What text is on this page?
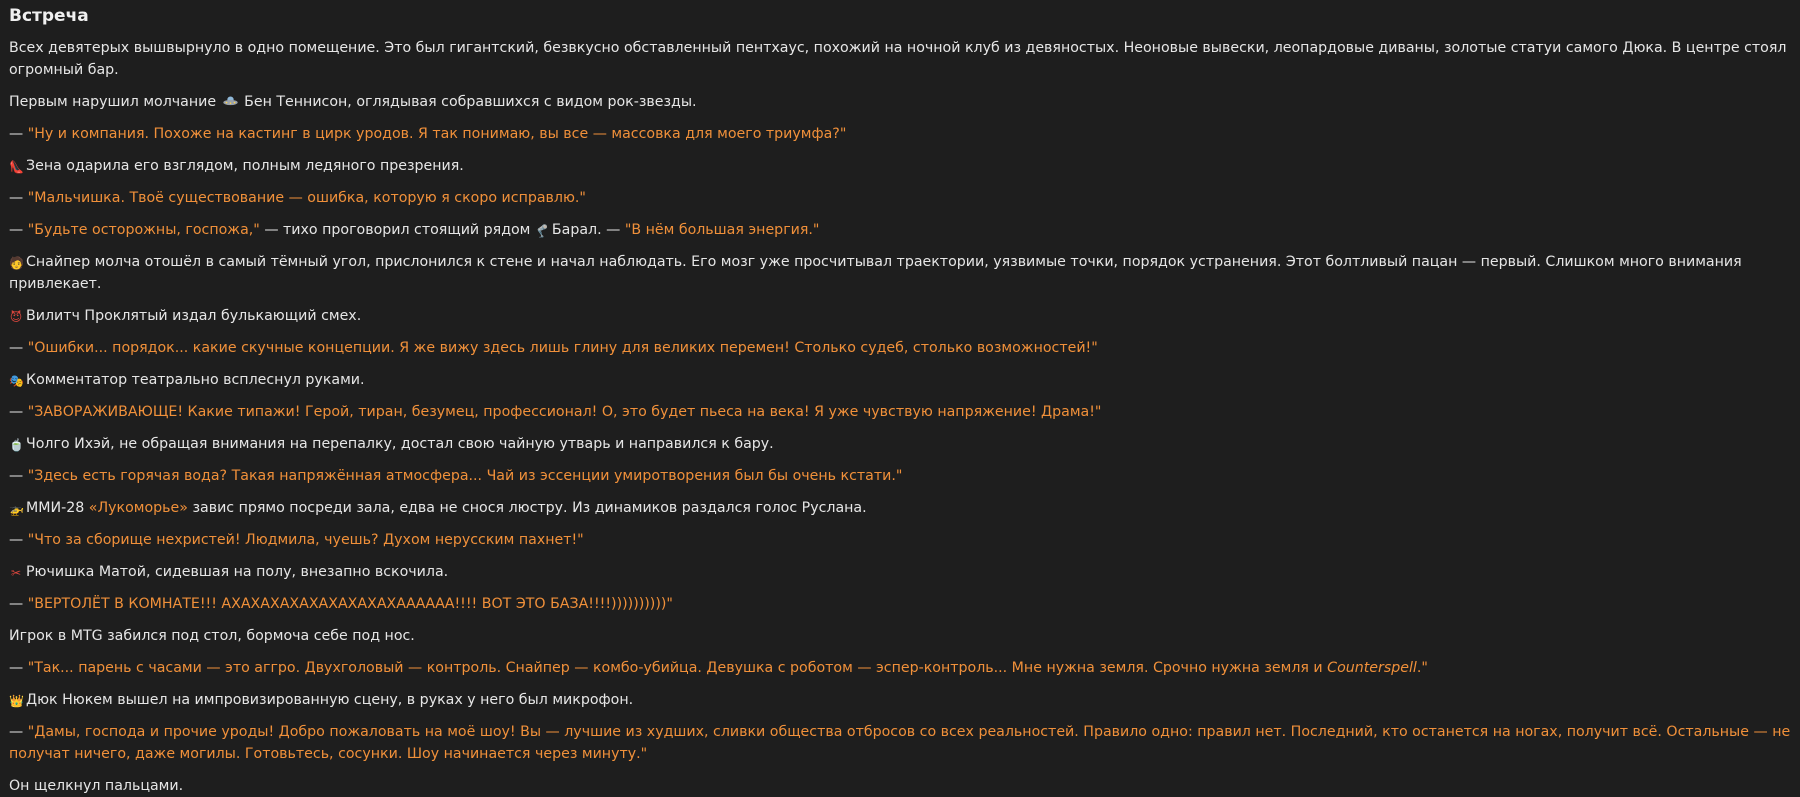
Встреча

Всех девятерых вышвырнуло в одно помещение. Это был гигантский, безвкусно обставленный пентхаус, похожий на ночной клуб из девяностых. Неоновые вывески, леопардовые диваны, золотые статуи самого Дюка. В центре стоял огромный бар.

Первым нарушил молчание Бен Теннисон, оглядывая собравшихся с видом рок-звезды.

— "Ну и компания. Похоже на кастинг в цирк уродов. Я так понимаю, вы все — массовка для моего триумфа?"

👠 Зена одарила его взглядом, полным ледяного презрения.

— "Мальчишка. Твоё существование — ошибка, которую я скоро исправлю."

— "Будьте осторожны, госпожа," — тихо проговорил стоящий рядом 🦿 Барал. — "В нём большая энергия."

🧑 Снайпер молча отошёл в самый тёмный угол, прислонился к стене и начал наблюдать. Его мозг уже просчитывал траектории, уязвимые точки, порядок устранения. Этот болтливый пацан — первый. Слишком много внимания привлекает.

😈 Вилитч Проклятый издал булькающий смех.

— "Ошибки... порядок... какие скучные концепции. Я же вижу здесь лишь глину для великих перемен! Столько судеб, столько возможностей!"

🎭 Комментатор театрально всплеснул руками.

— "ЗАВОРАЖИВАЮЩЕ! Какие типажи! Герой, тиран, безумец, профессионал! О, это будет пьеса на века! Я уже чувствую напряжение! Драма!"

🍵 Чолго Ихэй, не обращая внимания на перепалку, достал свою чайную утварь и направился к бару.

— "Здесь есть горячая вода? Такая напряжённая атмосфера... Чай из эссенции умиротворения был бы очень кстати."

🚁 ММИ-28 «Лукоморье» завис прямо посреди зала, едва не снося люстру. Из динамиков раздался голос Руслана.

— "Что за сборище нехристей! Людмила, чуешь? Духом нерусским пахнет!"

✂ Рючишка Матой, сидевшая на полу, внезапно вскочила.

— "ВЕРТОЛЁТ В КОМНАТЕ!!! АХАХАХАХАХАХАХАХАХАААААА!!!! ВОТ ЭТО БАЗА!!!!))))))))))"

Игрок в MTG забился под стол, бормоча себе под нос.

— "Так... парень с часами — это аггро. Двухголовый — контроль. Снайпер — комбо-убийца. Девушка с роботом — эспер-контроль... Мне нужна земля. Срочно нужна земля и Counterspell."

👑 Дюк Нюкем вышел на импровизированную сцену, в руках у него был микрофон.

— "Дамы, господа и прочие уроды! Добро пожаловать на моё шоу! Вы — лучшие из худших, сливки общества отбросов со всех реальностей. Правило одно: правил нет. Последний, кто останется на ногах, получит всё. Остальные — не получат ничего, даже могилы. Готовьтесь, сосунки. Шоу начинается через минуту."

Он щелкнул пальцами.
